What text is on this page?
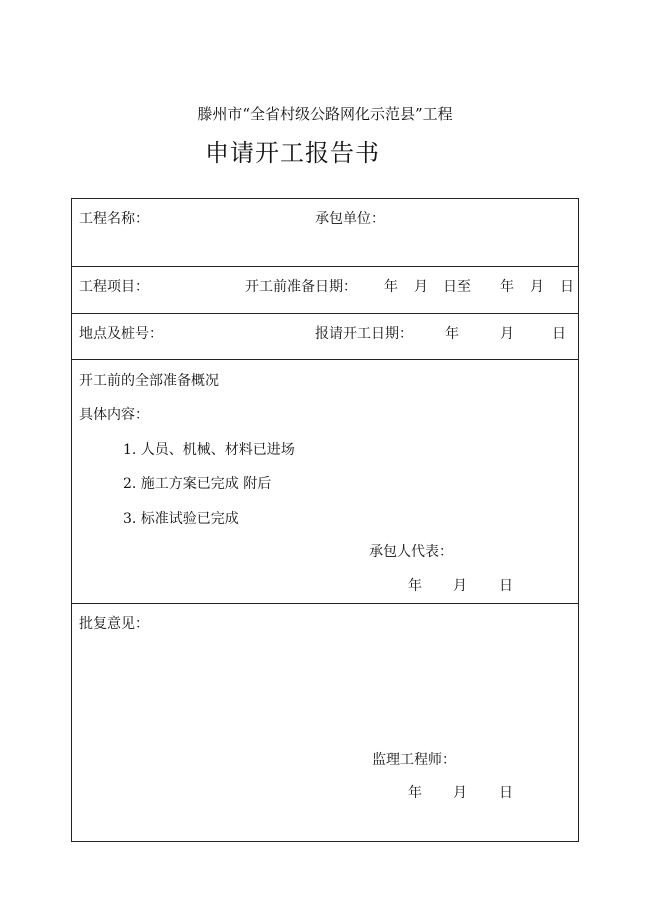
滕州市“全省村级公路网化示范县”工程
申请开工报告书
工程名称：	承包单位：
工程项目：	开工前准备日期： 年 月 日至 年 月 日
地点及桩号：	报请开工日期： 年	月	日
开工前的全部准备概况
具体内容：
1. 人员、机械、材料已进场
2. 施工方案已完成 附后
3. 标准试验已完成
承包人代表：
年 月 日
批复意见：
监理工程师：
年 月 日
